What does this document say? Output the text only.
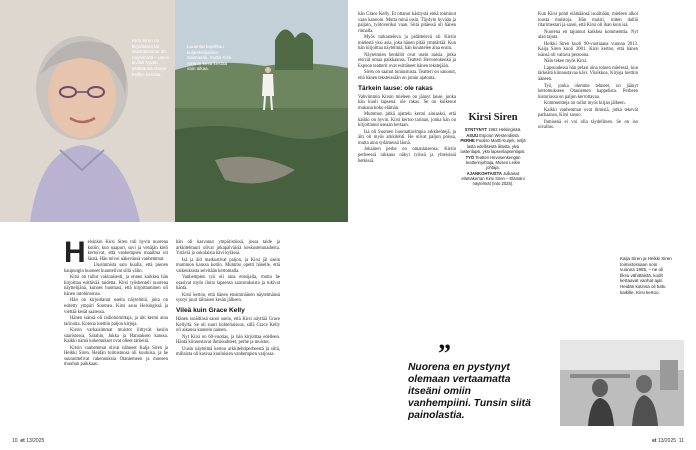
Kirsi Siren on kirjoittanut tai dramatisoinut 40 näytelmää – usein tiiviisti hyvän ystävänsä Grace Kellyn kanssa.
Lauantai tapahtuu kuljeskelijoiden Saimaalla, mutta Kirsi Sirenin kesä kestää vain aikaa.
H elsinkin Kirsi Siren tuli hyvin nuorena kotiin, kun naapuri, suvi ja venäjän kieli kertoivat, että vanhempien maailma oli läsnä. Hän toivoi näkevänsä vanhemmat.

Uusimmista sain kuulla, että pienen kaupungin huoneet kuuntelivat sillä välin.

Kirsi on tullut vakinaisesti, ja ennen kaikkea hän kirjoittaa esittävää taidetta. Kirsi työskenteli nuorena näyttelijänä, kunnes huomasi, että kirjoittaminen oli hänen intohimonsa.

Hän on kirjoittanut useita näytelmiä, joita on esitetty ympäri Suomea. Kirsi asuu Helsingissä ja viettää kesät saaressa.

Hänen isänsä oli radiotoimittaja, ja äiti kertoi aina tarinoita. Kotona luettiin paljon kirjoja.

Kirsin varhaisimmat muistot liittyvät kesiin saaristossa, Sarahin, Jukka ja Hannaksen kanssa. Kaikki nämä kokemukset ovat olleet tärkeitä.

Kirsin vanhemmat olivat nähneet Kaija Siren ja Heikki Siren. Heidän toimistonsa oli kuuluisa, ja he suunnittelivat rakennuksia Otaniemeen ja moneen muuhun paikkaan.

hän oli kasvanut ympäristössä, jossa taide ja arkkitehtuuri olivat jokapäiväisiä keskustelunaiheita. Ystäviä ja sukulaisia kävi kylässä.

Isä ja äiti matkustivat paljon, ja Kirsi jäi usein mummon kanssa kotiin. Mummo opetti hänelle, että vaikeuksista selvitään kertomalla.

Vanhempien työ oli aina etusijalla, mutta he osasivat myös iloita lapsensa saavutuksista ja tukivat häntä.

Kirsi kertoo, että hänen ensimmäinen näytelmänsä syntyi juuri tällaisen kesän jälkeen.

Vileä kuin Grace Kelly

Hänen isoäitinsä sanoi usein, että Kirsi näyttää Grace Kellyltä. Se oli suuri kohteliaisuus, sillä Grace Kelly oli aikansa kaunein nainen.

Nyt Kirsi on 60-vuotias, ja hän kirjoittaa edelleen. Häntä kiinnostavat ihmissuhteet, perhe ja muistot.

Uusin näytelmä kertoo arkkitehtiperheestä ja siitä, millaista oli kasvaa kuuluisien vanhempien varjossa.

10 et 13/2025

hän Grace Kelly. Et ottanut käsitystä enkä toiminut vaan kannoin. Mutta minä oisin. Täydyin hyvään ja paljain, työtoveriksi vaan. Siitä pitäessä oli hänen rinnalla.

Myös tarkasteleva ja pidättelevä oli Kirsin mielestä yksi asia, joka hänen pitää ymmärtää. Kun hän kirjoittaa näytelmiä, hän kuuntelee aina ensin.

Näytelmien henkilöt ovat usein naisia, jotka etsivät omaa paikkaansa. Teatteri Hevosenkenkä ja Espoon teatterit ovat esittäneet hänen tekstejään.

Siren on saanut tunnustusta. Teatteri on sanonut, että hänen teksteissään on jotain ajatonta.

Tärkein lause: ole rakas

Vahvimmin Kirsin mieleen on jäänyt lause, jonka hän kuuli lapsena: ole rakas. Se on kulkenut mukana koko elämän.

Mummon pitkä ajattelu kertoi ainiaaksi, että kaikki on hyvin. Kirsi kertoo tarinan, jonka hän on kirjoittanut useaan kertaan.

Isä oli Suomen huomattavimpia arkkitehtejä, ja äiti oli myös arkkitehti. He olivat paljon poissa, mutta aina sydämessä läsnä.

Jokainen perhe on omanlaisensa. Kirsin perheessä rakkaus näkyi työssä ja yhteisissä hetkissä.

Kirsi Siren
SYNTYNYT 1963 Helsingissä.
ASUU Espoon Westendissä.
PERHE Puoliso Martti Kurjek, neljä lasta edellisestä liitosta, yksi lastenlapsi, yksi lapsenlapsenlapsi.
TYÖ Teatteri Hevosenkengän teatterinjohtaja, Museo Leikin johtaja.
AJANKOHTAISTA Julkaisut elämäkerran Kirsi Siren – Elämäni näytelmät (Into 2025).

Kun Kirsi pohti elämäänsä isoäitiään, mieleen alkoi tousta muistoja. Hän muisti, miten dalliä ritarimestari ja sanoi, että Kirsi oli ihan kuin isä.

Nuorena en tajunnut kaikkea kommenttia. Nyt alan tajuta.

Heikki Siren kuoli 90-vuotiaana vuonna 2013. Kaija Siren kuoli 2001. Kirsi kertoo, että hänen isänsä oli valtava persoona.

Näin tekee myös Kirsi.

Lapsuudessa hän pelasi aina toinen mielessä, kun tärkeätä kiinnostavaa kävi. Viisikkoa, Kirjoja luettiin ääneen.

Työ, jonka olemme tehneet, on jäänyt kertomukseen Otaniemen kappelista. Perheen historiassa on paljon kerrottavaa.

Kommentteja on tullut myös kirjan jälkeen.

Kaikki vanhemmat ovat ihmisiä, jotka tekevät parhaansa, Kirsi sanoo.

Ihmisenä ei voi olla täydellinen. Se on iso oivallus.

Kaija Siren ja Heikki Siren toimistossaan noin vuonna 1955, – ne oli fiksu vähittäistä, kodit kertaavat vanhat ajat. Heidän kotinsa oli tuttu kaikille, Kirsi kertoo.
”
Nuorena en pystynyt olemaan vertaamatta itseäni omiin vanhempiini. Tunsin siitä painolastia.
et 13/2025 11
